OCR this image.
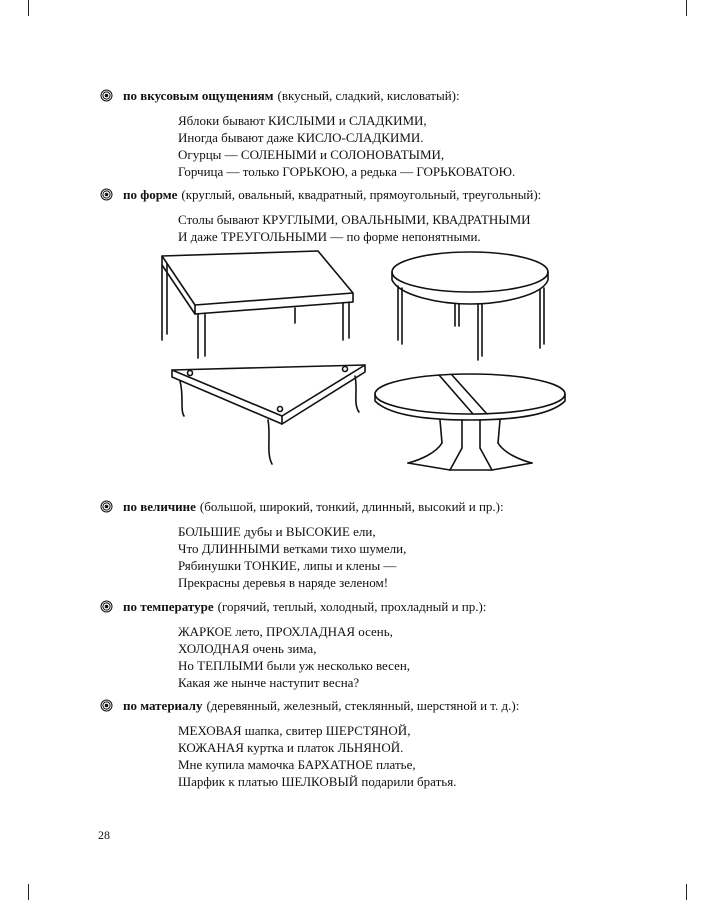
по вкусовым ощущениям (вкусный, сладкий, кисловатый):
Яблоки бывают КИСЛЫМИ и СЛАДКИМИ,
Иногда бывают даже КИСЛО-СЛАДКИМИ.
Огурцы — СОЛЕНЫМИ и СОЛОНОВАТЫМИ,
Горчица — только ГОРЬКОЮ, а редька — ГОРЬКОВАТОЮ.
по форме (круглый, овальный, квадратный, прямоугольный, треугольный):
Столы бывают КРУГЛЫМИ, ОВАЛЬНЫМИ, КВАДРАТНЫМИ
И даже ТРЕУГОЛЬНЫМИ — по форме непонятными.
по величине (большой, широкий, тонкий, длинный, высокий и пр.):
БОЛЬШИЕ дубы и ВЫСОКИЕ ели,
Что ДЛИННЫМИ ветками тихо шумели,
Рябинушки ТОНКИЕ, липы и клены —
Прекрасны деревья в наряде зеленом!
по температуре (горячий, теплый, холодный, прохладный и пр.):
ЖАРКОЕ лето, ПРОХЛАДНАЯ осень,
ХОЛОДНАЯ очень зима,
Но ТЕПЛЫМИ были уж несколько весен,
Какая же нынче наступит весна?
по материалу (деревянный, железный, стеклянный, шерстяной и т. д.):
МЕХОВАЯ шапка, свитер ШЕРСТЯНОЙ,
КОЖАНАЯ куртка и платок ЛЬНЯНОЙ.
Мне купила мамочка БАРХАТНОЕ платье,
Шарфик к платью ШЕЛКОВЫЙ подарили братья.
28
